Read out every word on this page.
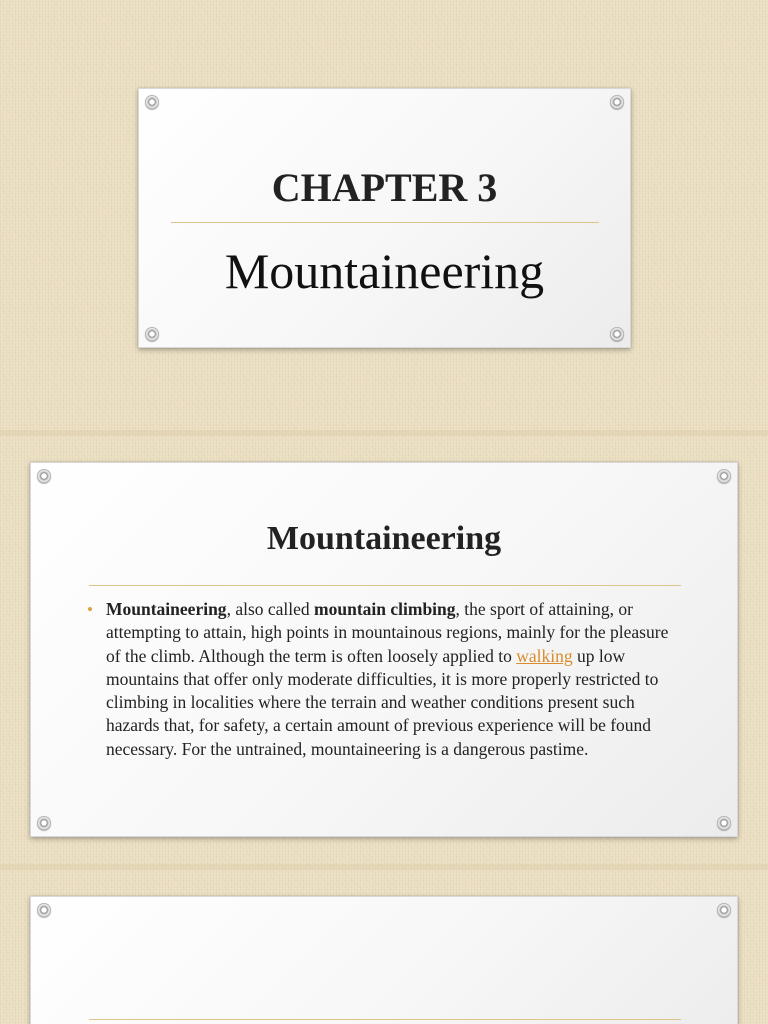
CHAPTER 3
Mountaineering
Mountaineering
• Mountaineering, also called mountain climbing, the sport of attaining, or attempting to attain, high points in mountainous regions, mainly for the pleasure of the climb. Although the term is often loosely applied to walking up low mountains that offer only moderate difficulties, it is more properly restricted to climbing in localities where the terrain and weather conditions present such hazards that, for safety, a certain amount of previous experience will be found necessary. For the untrained, mountaineering is a dangerous pastime.
